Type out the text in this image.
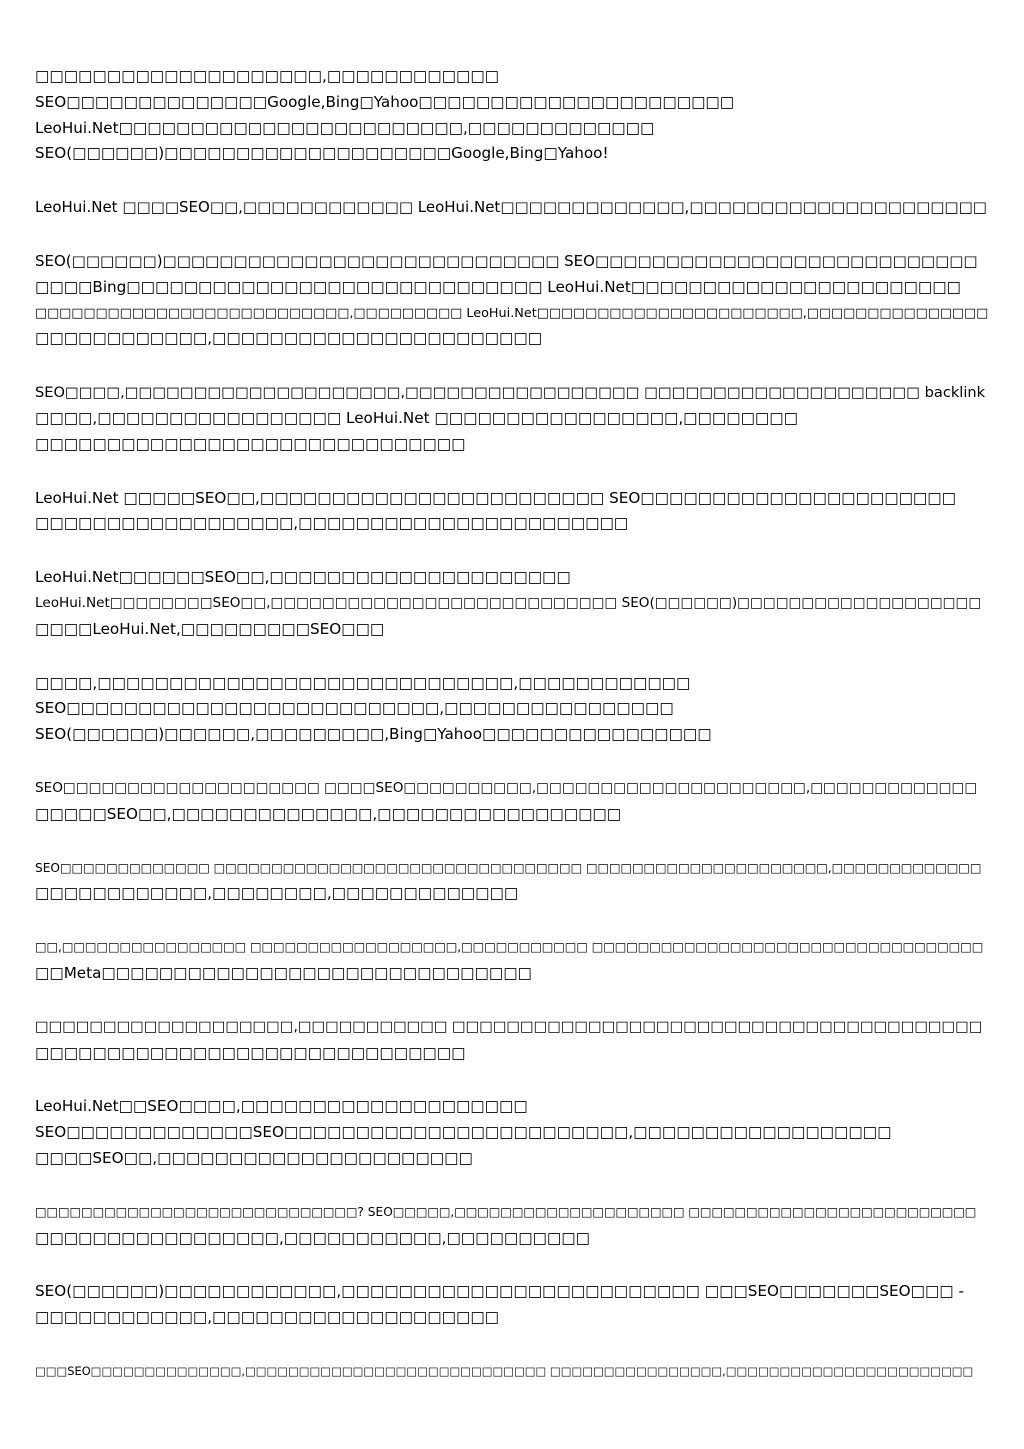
□□□□□□□□□□□□□□□□□□□□,□□□□□□□□□□□□
SEO□□□□□□□□□□□□□□Google,Bing□Yahoo□□□□□□□□□□□□□□□□□□□□□□
LeoHui.Net□□□□□□□□□□□□□□□□□□□□□□□□,□□□□□□□□□□□□□
SEO(□□□□□□)□□□□□□□□□□□□□□□□□□□□Google,Bing□Yahoo!
LeoHui.Net □□□□SEO□□,□□□□□□□□□□□□ LeoHui.Net□□□□□□□□□□□□□,□□□□□□□□□□□□□□□□□□□□□
SEO(□□□□□□)□□□□□□□□□□□□□□□□□□□□□□□□□□□□ SEO□□□□□□□□□□□□□□□□□□□□□□□□□□□
□□□□Bing□□□□□□□□□□□□□□□□□□□□□□□□□□□□□ LeoHui.Net□□□□□□□□□□□□□□□□□□□□□□□
□□□□□□□□□□□□□□□□□□□□□□□□□□,□□□□□□□□□ LeoHui.Net□□□□□□□□□□□□□□□□□□□□□□,□□□□□□□□□□□□□□□
□□□□□□□□□□□□,□□□□□□□□□□□□□□□□□□□□□□□
SEO□□□□,□□□□□□□□□□□□□□□□□□□□,□□□□□□□□□□□□□□□□□ □□□□□□□□□□□□□□□□□□□□ backlink
□□□□,□□□□□□□□□□□□□□□□□ LeoHui.Net □□□□□□□□□□□□□□□□□,□□□□□□□□
□□□□□□□□□□□□□□□□□□□□□□□□□□□□□□
LeoHui.Net □□□□□SEO□□,□□□□□□□□□□□□□□□□□□□□□□□□ SEO□□□□□□□□□□□□□□□□□□□□□□
□□□□□□□□□□□□□□□□□□,□□□□□□□□□□□□□□□□□□□□□□□
LeoHui.Net□□□□□□SEO□□,□□□□□□□□□□□□□□□□□□□□□
LeoHui.Net□□□□□□□□SEO□□,□□□□□□□□□□□□□□□□□□□□□□□□□□□ SEO(□□□□□□)□□□□□□□□□□□□□□□□□□□
□□□□LeoHui.Net,□□□□□□□□□SEO□□□
□□□□,□□□□□□□□□□□□□□□□□□□□□□□□□□□□□,□□□□□□□□□□□□
SEO□□□□□□□□□□□□□□□□□□□□□□□□□□,□□□□□□□□□□□□□□□□
SEO(□□□□□□)□□□□□□,□□□□□□□□□,Bing□Yahoo□□□□□□□□□□□□□□□□
SEO□□□□□□□□□□□□□□□□□□□□ □□□□SEO□□□□□□□□□□,□□□□□□□□□□□□□□□□□□□□□,□□□□□□□□□□□□□
□□□□□SEO□□,□□□□□□□□□□□□□□,□□□□□□□□□□□□□□□□□
SEO□□□□□□□□□□□□□ □□□□□□□□□□□□□□□□□□□□□□□□□□□□□□□□ □□□□□□□□□□□□□□□□□□□□□,□□□□□□□□□□□□□
□□□□□□□□□□□□,□□□□□□□□,□□□□□□□□□□□□□
□□,□□□□□□□□□□□□□□□□ □□□□□□□□□□□□□□□□□□,□□□□□□□□□□□ □□□□□□□□□□□□□□□□□□□□□□□□□□□□□□□□□□
□□Meta□□□□□□□□□□□□□□□□□□□□□□□□□□□□□□
□□□□□□□□□□□□□□□□□□□,□□□□□□□□□□□ □□□□□□□□□□□□□□□□□□□□□□□□□□□□□□□□□□□□□□□
□□□□□□□□□□□□□□□□□□□□□□□□□□□□□□
LeoHui.Net□□SEO□□□□,□□□□□□□□□□□□□□□□□□□□
SEO□□□□□□□□□□□□□SEO□□□□□□□□□□□□□□□□□□□□□□□□,□□□□□□□□□□□□□□□□□□
□□□□SEO□□,□□□□□□□□□□□□□□□□□□□□□□
□□□□□□□□□□□□□□□□□□□□□□□□□□□□? SEO□□□□□,□□□□□□□□□□□□□□□□□□□□ □□□□□□□□□□□□□□□□□□□□□□□□□
□□□□□□□□□□□□□□□□□,□□□□□□□□□□□,□□□□□□□□□□
SEO(□□□□□□)□□□□□□□□□□□□,□□□□□□□□□□□□□□□□□□□□□□□□□ □□□SEO□□□□□□□SEO□□□ -
□□□□□□□□□□□□,□□□□□□□□□□□□□□□□□□□□
□□□SEO□□□□□□□□□□□□□□,□□□□□□□□□□□□□□□□□□□□□□□□□□□□ □□□□□□□□□□□□□□□□,□□□□□□□□□□□□□□□□□□□□□□□
